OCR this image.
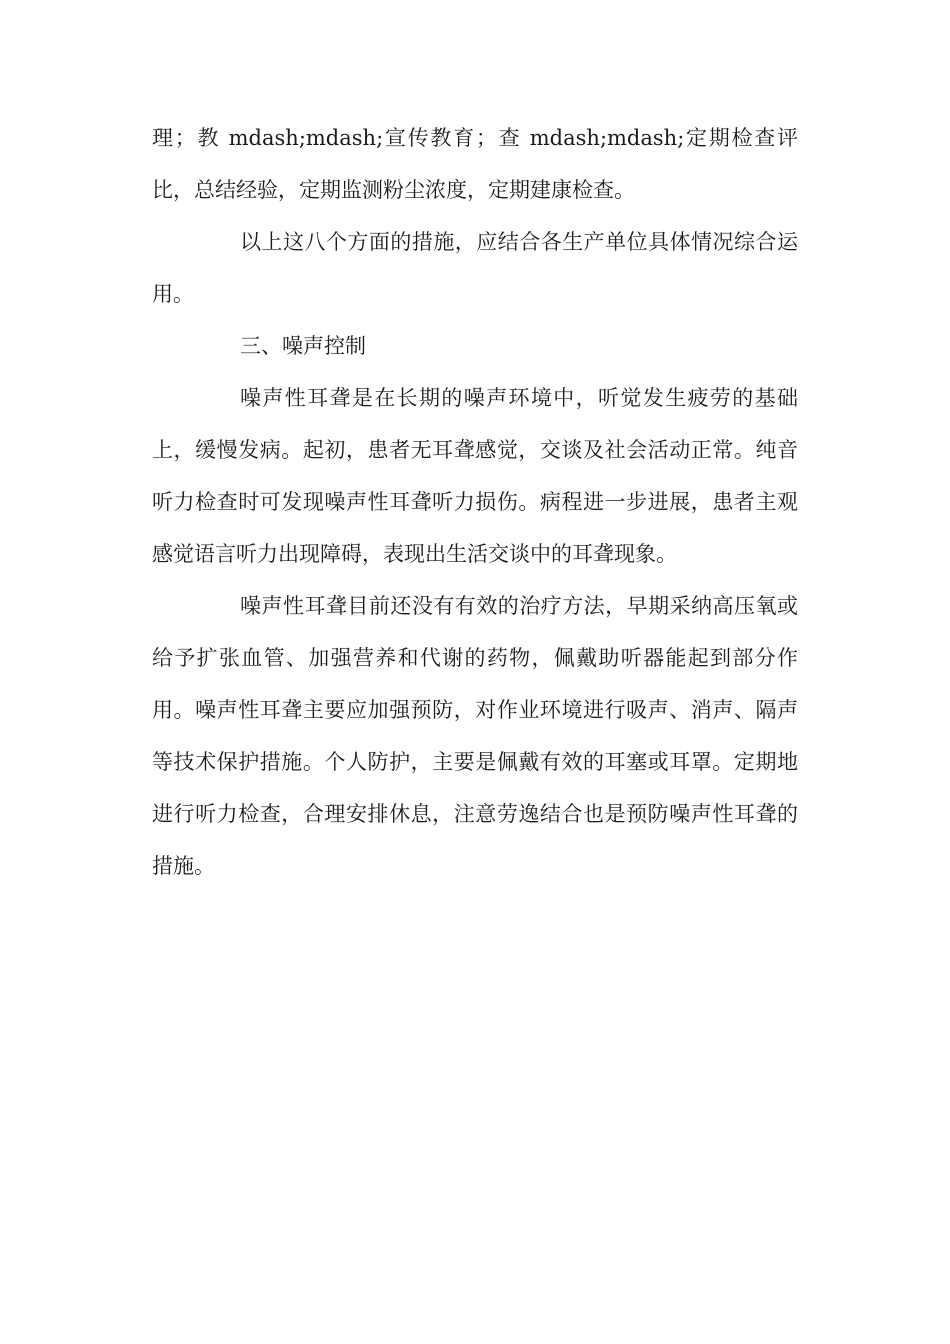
理；教 mdash;mdash;宣传教育；查 mdash;mdash;定期检查评比，总结经验，定期监测粉尘浓度，定期建康检查。

以上这八个方面的措施，应结合各生产单位具体情况综合运用。

三、噪声控制

噪声性耳聋是在长期的噪声环境中，听觉发生疲劳的基础上，缓慢发病。起初，患者无耳聋感觉，交谈及社会活动正常。纯音听力检查时可发现噪声性耳聋听力损伤。病程进一步进展，患者主观感觉语言听力出现障碍，表现出生活交谈中的耳聋现象。

噪声性耳聋目前还没有有效的治疗方法，早期采纳高压氧或给予扩张血管、加强营养和代谢的药物，佩戴助听器能起到部分作用。噪声性耳聋主要应加强预防，对作业环境进行吸声、消声、隔声等技术保护措施。个人防护，主要是佩戴有效的耳塞或耳罩。定期地进行听力检查，合理安排休息，注意劳逸结合也是预防噪声性耳聋的措施。
